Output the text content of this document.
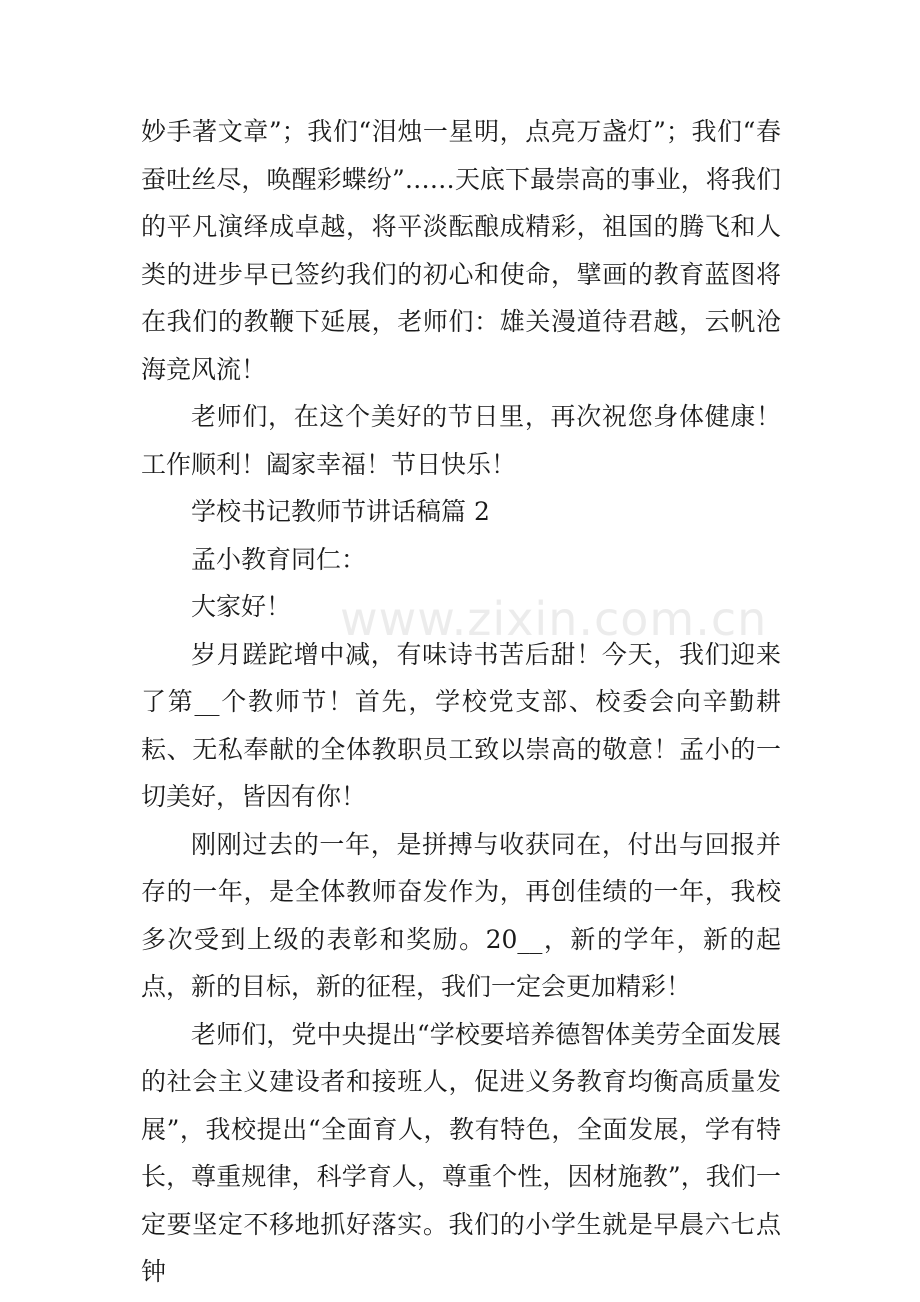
妙手著文章”；我们“泪烛一星明，点亮万盏灯”；我们“春蚕吐丝尽，唤醒彩蝶纷”……天底下最崇高的事业，将我们的平凡演绎成卓越，将平淡酝酿成精彩，祖国的腾飞和人类的进步早已签约我们的初心和使命，擘画的教育蓝图将在我们的教鞭下延展，老师们：雄关漫道待君越，云帆沧海竞风流！

老师们，在这个美好的节日里，再次祝您身体健康！工作顺利！阖家幸福！节日快乐！

学校书记教师节讲话稿篇 2

孟小教育同仁：

大家好！

岁月蹉跎增中减，有味诗书苦后甜！今天，我们迎来了第__个教师节！首先，学校党支部、校委会向辛勤耕耘、无私奉献的全体教职员工致以崇高的敬意！孟小的一切美好，皆因有你！

刚刚过去的一年，是拼搏与收获同在，付出与回报并存的一年，是全体教师奋发作为，再创佳绩的一年，我校多次受到上级的表彰和奖励。20__，新的学年，新的起点，新的目标，新的征程，我们一定会更加精彩！

老师们，党中央提出“学校要培养德智体美劳全面发展的社会主义建设者和接班人，促进义务教育均衡高质量发展”，我校提出“全面育人，教有特色，全面发展，学有特长，尊重规律，科学育人，尊重个性，因材施教”，我们一定要坚定不移地抓好落实。我们的小学生就是早晨六七点钟

www.zixin.com.cn
